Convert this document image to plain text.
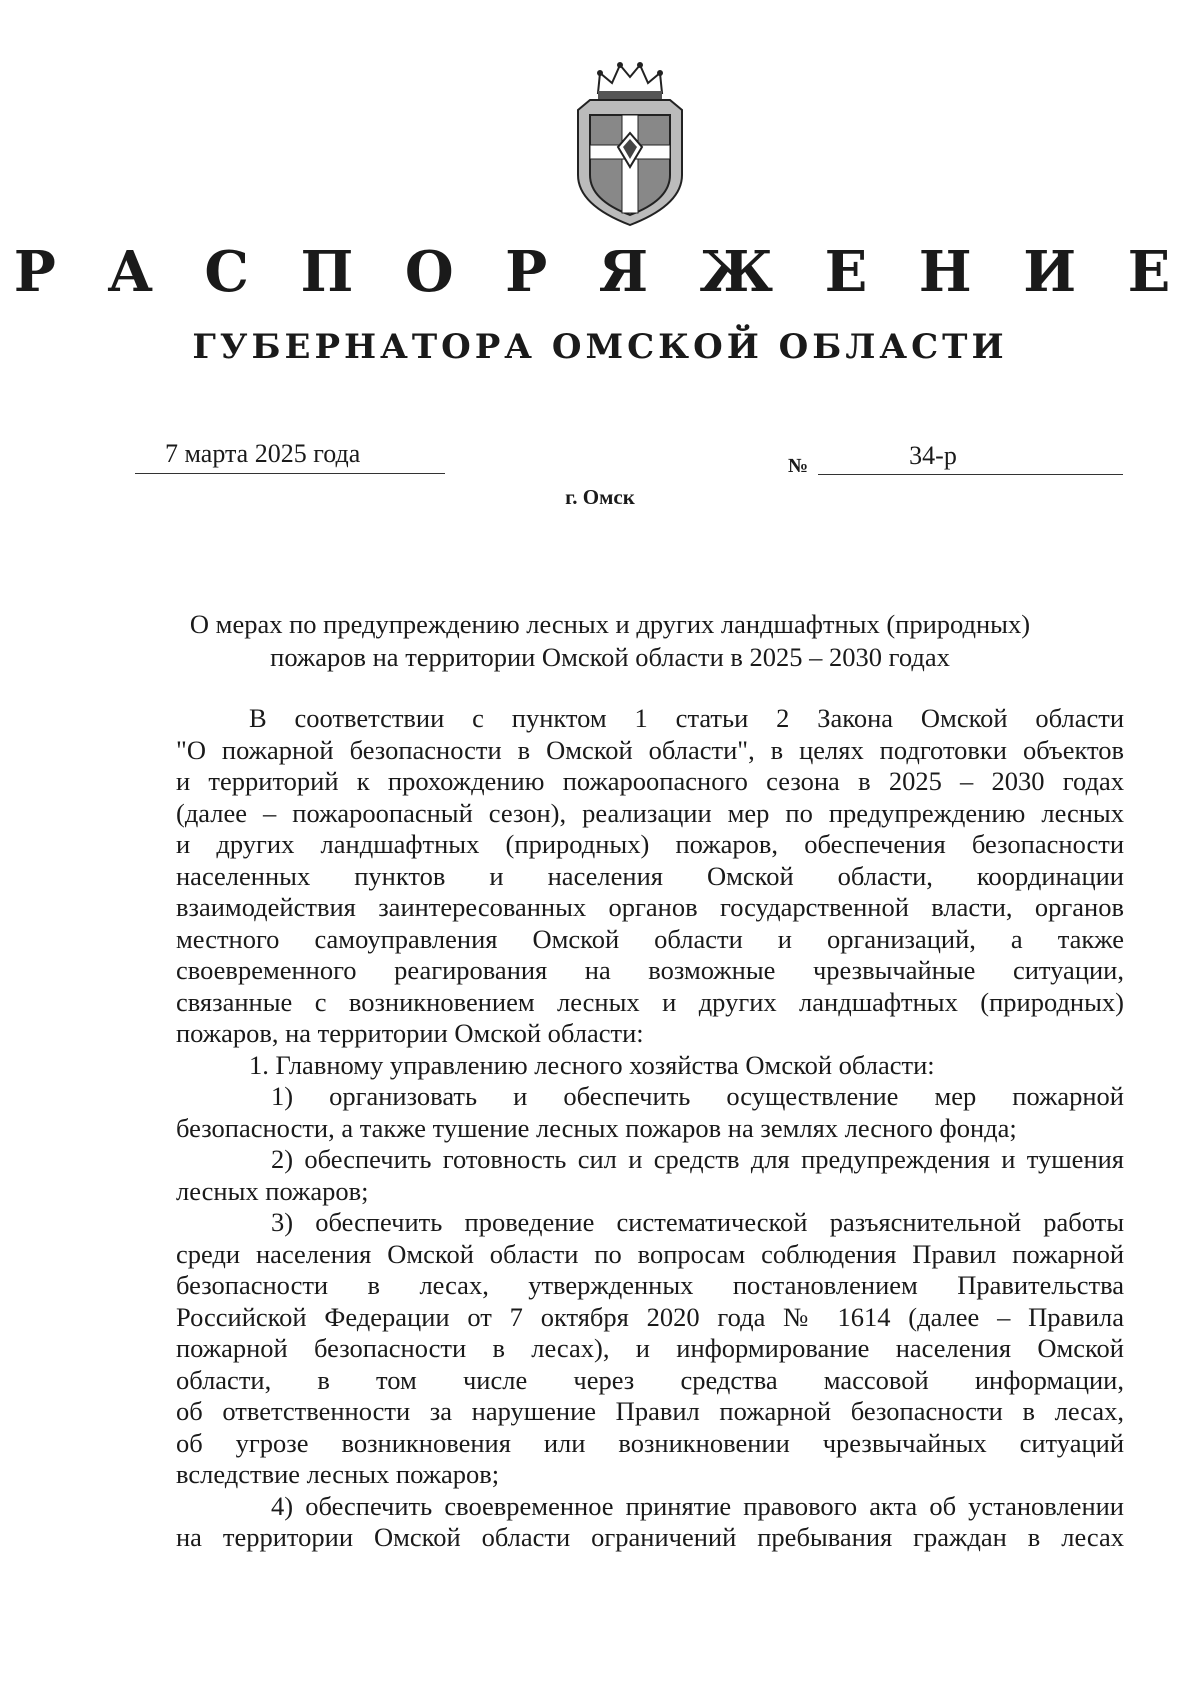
Р А С П О Р Я Ж Е Н И Е
ГУБЕРНАТОРА ОМСКОЙ ОБЛАСТИ
7 марта 2025 года	№	34-р
г. Омск
О мерах по предупреждению лесных и других ландшафтных (природных)
пожаров на территории Омской области в 2025 – 2030 годах
В соответствии с пунктом 1 статьи 2 Закона Омской области
"О пожарной безопасности в Омской области", в целях подготовки объектов
и территорий к прохождению пожароопасного сезона в 2025 – 2030 годах
(далее – пожароопасный сезон), реализации мер по предупреждению лесных
и других ландшафтных (природных) пожаров, обеспечения безопасности
населенных пунктов и населения Омской области, координации
взаимодействия заинтересованных органов государственной власти, органов
местного самоуправления Омской области и организаций, а также
своевременного реагирования на возможные чрезвычайные ситуации,
связанные с возникновением лесных и других ландшафтных (природных)
пожаров, на территории Омской области:
1. Главному управлению лесного хозяйства Омской области:
1) организовать и обеспечить осуществление мер пожарной
безопасности, а также тушение лесных пожаров на землях лесного фонда;
2) обеспечить готовность сил и средств для предупреждения и тушения
лесных пожаров;
3) обеспечить проведение систематической разъяснительной работы
среди населения Омской области по вопросам соблюдения Правил пожарной
безопасности в лесах, утвержденных постановлением Правительства
Российской Федерации от 7 октября 2020 года № 1614 (далее – Правила
пожарной безопасности в лесах), и информирование населения Омской
области, в том числе через средства массовой информации,
об ответственности за нарушение Правил пожарной безопасности в лесах,
об угрозе возникновения или возникновении чрезвычайных ситуаций
вследствие лесных пожаров;
4) обеспечить своевременное принятие правового акта об установлении
на территории Омской области ограничений пребывания граждан в лесах
